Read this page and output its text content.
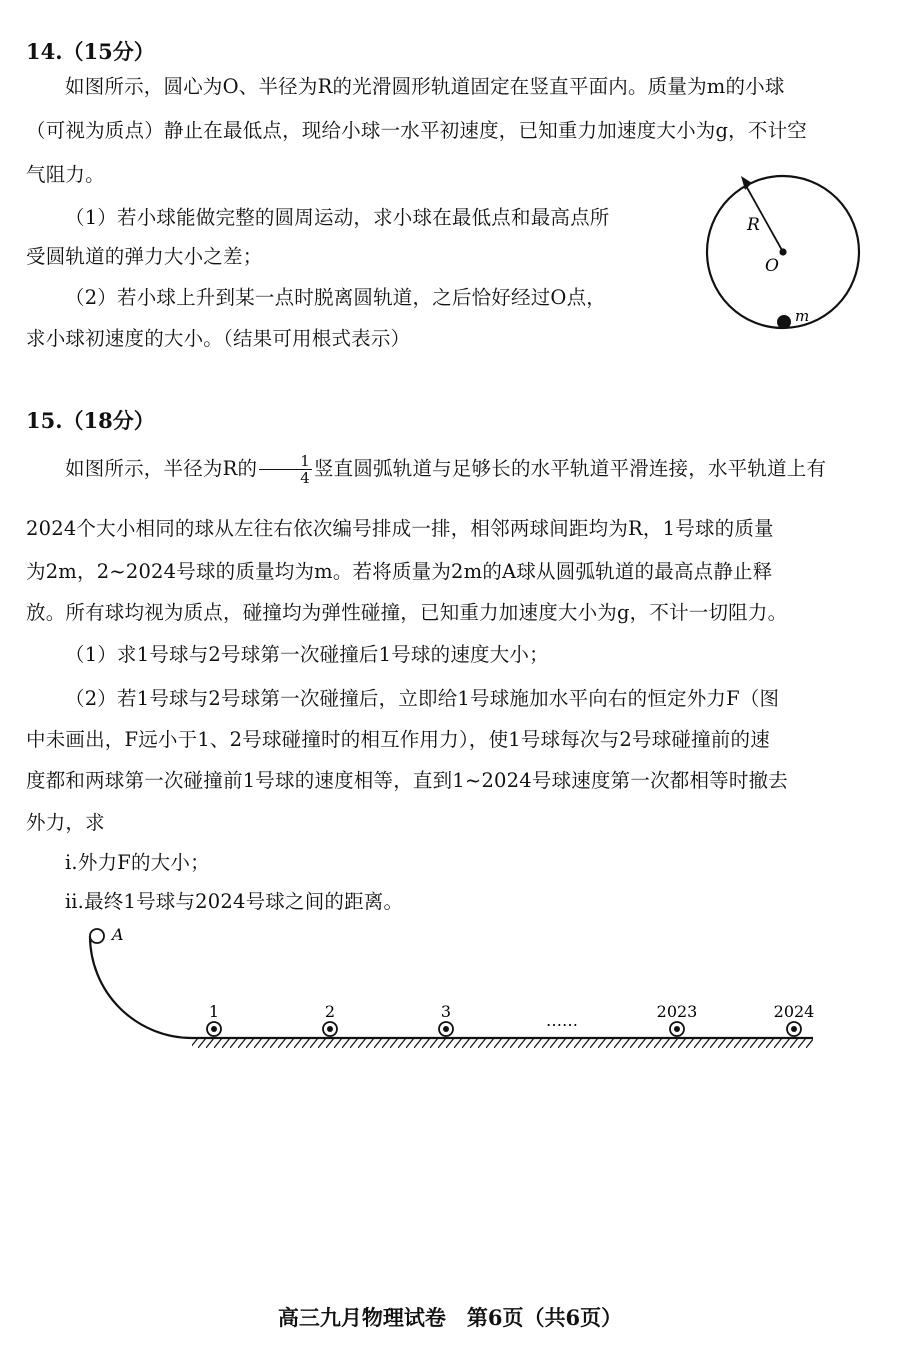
14.（15分）

如图所示，圆心为O、半径为R的光滑圆形轨道固定在竖直平面内。质量为m的小球

（可视为质点）静止在最低点，现给小球一水平初速度，已知重力加速度大小为g，不计空

气阻力。

（1）若小球能做完整的圆周运动，求小球在最低点和最高点所

受圆轨道的弹力大小之差；

（2）若小球上升到某一点时脱离圆轨道，之后恰好经过O点，

求小球初速度的大小。（结果可用根式表示）

R
O
m
15.（18分）

如图所示，半径为R的 $\frac{1}{4}$ 竖直圆弧轨道与足够长的水平轨道平滑连接，水平轨道上有

2024个大小相同的球从左往右依次编号排成一排，相邻两球间距均为R，1号球的质量

为2m，2~2024号球的质量均为m。若将质量为2m的A球从圆弧轨道的最高点静止释

放。所有球均视为质点，碰撞均为弹性碰撞，已知重力加速度大小为g，不计一切阻力。

（1）求1号球与2号球第一次碰撞后1号球的速度大小；

（2）若1号球与2号球第一次碰撞后，立即给1号球施加水平向右的恒定外力F（图

中未画出，F远小于1、2号球碰撞时的相互作用力），使1号球每次与2号球碰撞前的速

度都和两球第一次碰撞前1号球的速度相等，直到1~2024号球速度第一次都相等时撤去

外力，求

ⅰ.外力F的大小；

ⅱ.最终1号球与2024号球之间的距离。

A
1	2	3	……	2023	2024
高三九月物理试卷　第6页（共6页）
